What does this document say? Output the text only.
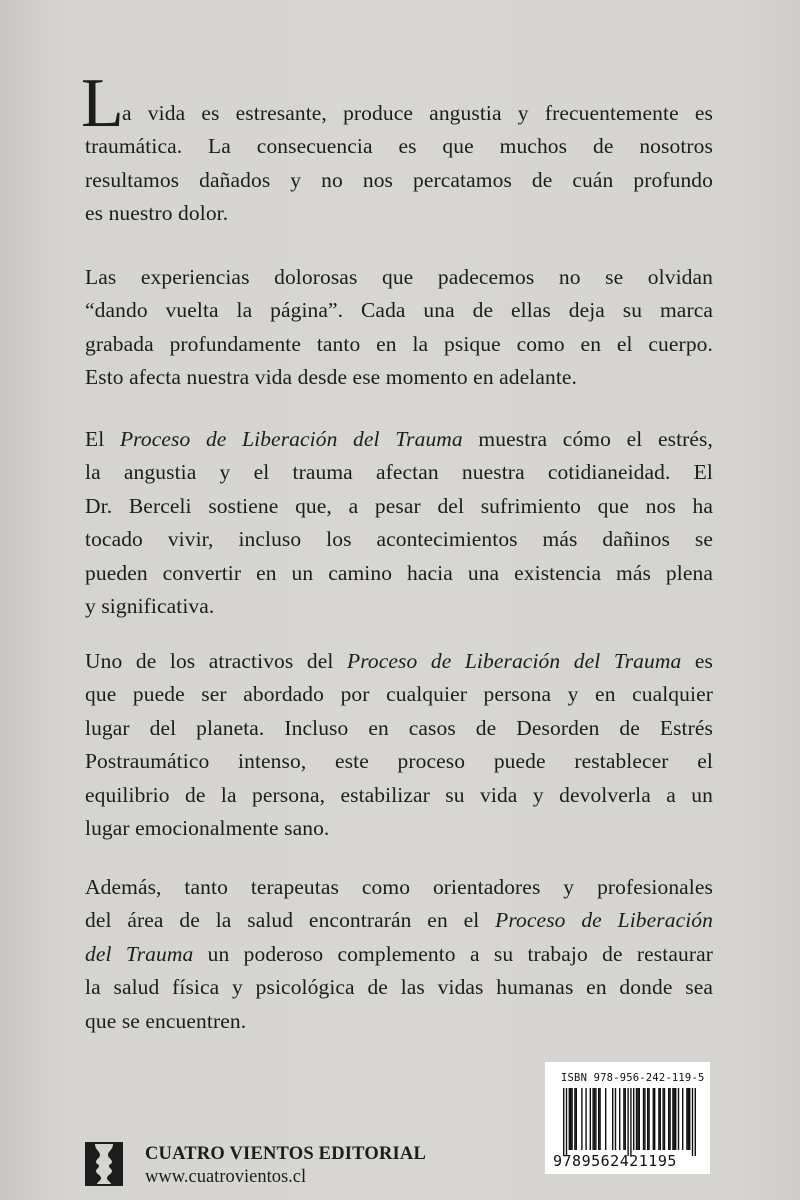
L

a vida es estresante, produce angustia y frecuentemente es
traumática. La consecuencia es que muchos de nosotros
resultamos dañados y no nos percatamos de cuán profundo
es nuestro dolor.

Las experiencias dolorosas que padecemos no se olvidan
“dando vuelta la página”. Cada una de ellas deja su marca
grabada profundamente tanto en la psique como en el cuerpo.
Esto afecta nuestra vida desde ese momento en adelante.

El Proceso de Liberación del Trauma muestra cómo el estrés,
la angustia y el trauma afectan nuestra cotidianeidad. El
Dr. Berceli sostiene que, a pesar del sufrimiento que nos ha
tocado vivir, incluso los acontecimientos más dañinos se
pueden convertir en un camino hacia una existencia más plena
y significativa.

Uno de los atractivos del Proceso de Liberación del Trauma es
que puede ser abordado por cualquier persona y en cualquier
lugar del planeta. Incluso en casos de Desorden de Estrés
Postraumático intenso, este proceso puede restablecer el
equilibrio de la persona, estabilizar su vida y devolverla a un
lugar emocionalmente sano.

Además, tanto terapeutas como orientadores y profesionales
del área de la salud encontrarán en el Proceso de Liberación
del Trauma un poderoso complemento a su trabajo de restaurar
la salud física y psicológica de las vidas humanas en donde sea
que se encuentren.

CUATRO VIENTOS EDITORIAL
www.cuatrovientos.cl
ISBN 978-956-242-119-5
9789562421195
